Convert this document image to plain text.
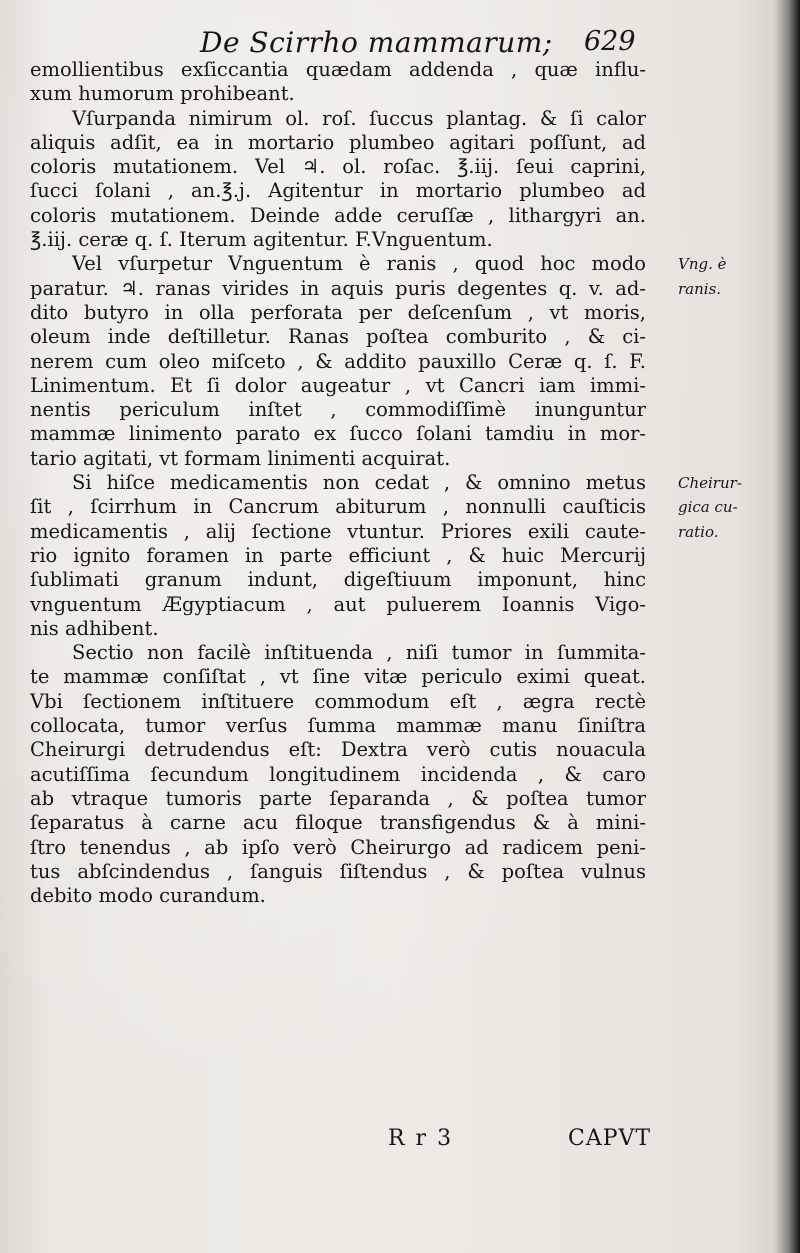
De Scirrho mammarum; 629
emollientibus exſiccantia quædam addenda , quæ influ-
xum humorum prohibeant.
Vſurpanda nimirum ol. roſ. ſuccus plantag. & ſi calor
aliquis adſit, ea in mortario plumbeo agitari poſſunt, ad
coloris mutationem. Vel ♃. ol. roſac. ℥.iij. ſeui caprini,
ſucci ſolani , an.℥.j. Agitentur in mortario plumbeo ad
coloris mutationem. Deinde adde ceruſſæ , lithargyri an.
℥.iij. ceræ q. ſ. Iterum agitentur. F.Vnguentum.
Vel vſurpetur Vnguentum è ranis , quod hoc modo
paratur. ♃. ranas virides in aquis puris degentes q. v. ad-
dito butyro in olla perforata per deſcenſum , vt moris,
oleum inde deſtilletur. Ranas poſtea comburito , & ci-
nerem cum oleo miſceto , & addito pauxillo Ceræ q. ſ. F.
Linimentum. Et ſi dolor augeatur , vt Cancri iam immi-
nentis periculum inſtet , commodiſſimè inunguntur
mammæ linimento parato ex ſucco ſolani tamdiu in mor-
tario agitati, vt formam linimenti acquirat.
Si hiſce medicamentis non cedat , & omnino metus
ſit , ſcirrhum in Cancrum abiturum , nonnulli cauſticis
medicamentis , alij ſectione vtuntur. Priores exili caute-
rio ignito foramen in parte efficiunt , & huic Mercurij
ſublimati granum indunt, digeſtiuum imponunt, hinc
vnguentum Ægyptiacum , aut puluerem Ioannis Vigo-
nis adhibent.
Sectio non facilè inſtituenda , niſi tumor in ſummita-
te mammæ conſiſtat , vt ſine vitæ periculo eximi queat.
Vbi ſectionem inſtituere commodum eſt , ægra rectè
collocata, tumor verſus ſumma mammæ manu ſiniſtra
Cheirurgi detrudendus eſt: Dextra verò cutis nouacula
acutiſſima ſecundum longitudinem incidenda , & caro
ab vtraque tumoris parte ſeparanda , & poſtea tumor
ſeparatus à carne acu filoque transfigendus & à mini-
ſtro tenendus , ab ipſo verò Cheirurgo ad radicem peni-
tus abſcindendus , ſanguis ſiſtendus , & poſtea vulnus
debito modo curandum.
Vng. è
ranis.
Cheirur-
gica cu-
ratio.
R r 3	CAPVT
